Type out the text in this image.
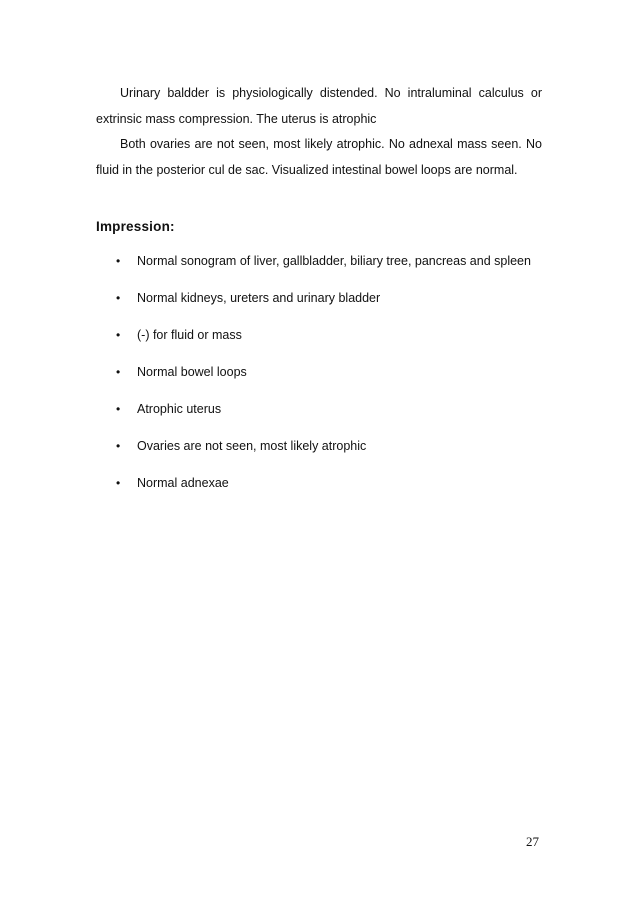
Urinary baldder is physiologically distended. No intraluminal calculus or extrinsic mass compression. The uterus is atrophic

Both ovaries are not seen, most likely atrophic. No adnexal mass seen. No fluid in the posterior cul de sac. Visualized intestinal bowel loops are normal.

Impression:
• Normal sonogram of liver, gallbladder, biliary tree, pancreas and spleen
• Normal kidneys, ureters and urinary bladder
• (-) for fluid or mass
• Normal bowel loops
• Atrophic uterus
• Ovaries are not seen, most likely atrophic
• Normal adnexae
27
